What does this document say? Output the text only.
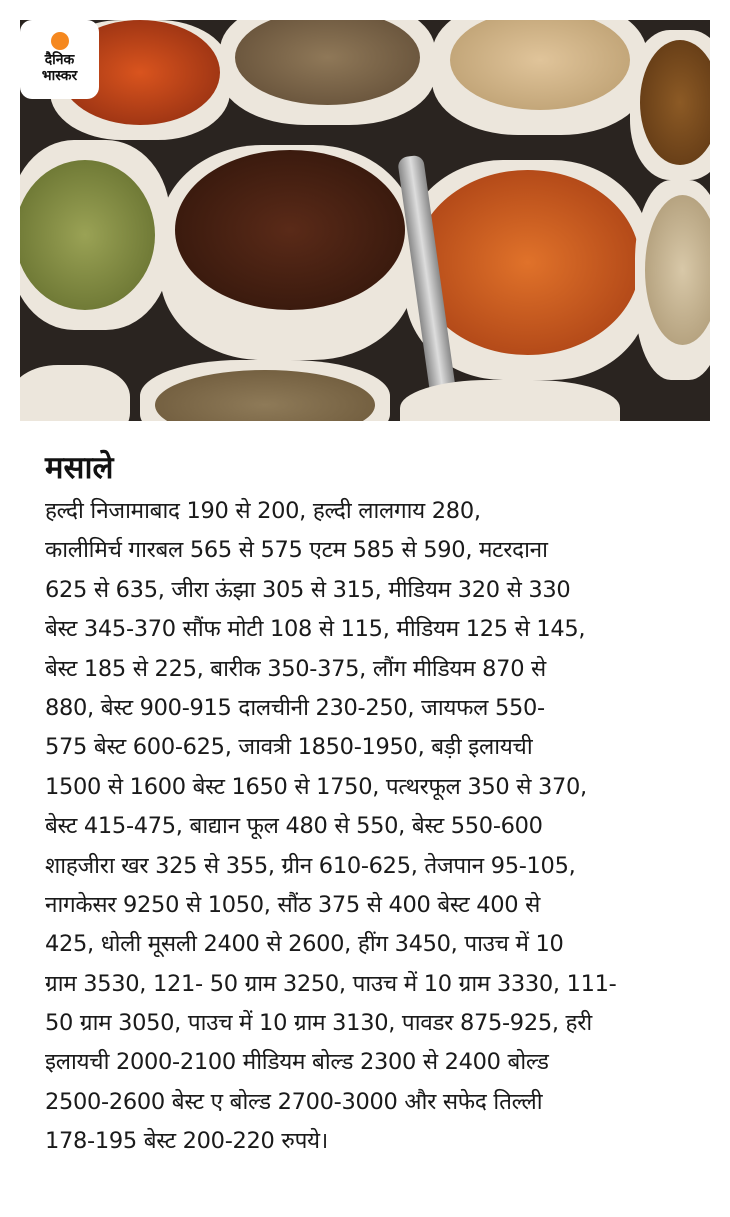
दैनिक
भास्कर
मसाले
हल्दी निजामाबाद 190 से 200, हल्दी लालगाय 280,
कालीमिर्च गारबल 565 से 575 एटम 585 से 590, मटरदाना
625 से 635, जीरा ऊंझा 305 से 315, मीडियम 320 से 330
बेस्ट 345-370 सौंफ मोटी 108 से 115, मीडियम 125 से 145,
बेस्ट 185 से 225, बारीक 350-375, लौंग मीडियम 870 से
880, बेस्ट 900-915 दालचीनी 230-250, जायफल 550-
575 बेस्ट 600-625, जावत्री 1850-1950, बड़ी इलायची
1500 से 1600 बेस्ट 1650 से 1750, पत्थरफूल 350 से 370,
बेस्ट 415-475, बाद्यान फूल 480 से 550, बेस्ट 550-600
शाहजीरा खर 325 से 355, ग्रीन 610-625, तेजपान 95-105,
नागकेसर 9250 से 1050, सौंठ 375 से 400 बेस्ट 400 से
425, धोली मूसली 2400 से 2600, हींग 3450, पाउच में 10
ग्राम 3530, 121- 50 ग्राम 3250, पाउच में 10 ग्राम 3330, 111-
50 ग्राम 3050, पाउच में 10 ग्राम 3130, पावडर 875-925, हरी
इलायची 2000-2100 मीडियम बोल्ड 2300 से 2400 बोल्ड
2500-2600 बेस्ट ए बोल्ड 2700-3000 और सफेद तिल्ली
178-195 बेस्ट 200-220 रुपये।
